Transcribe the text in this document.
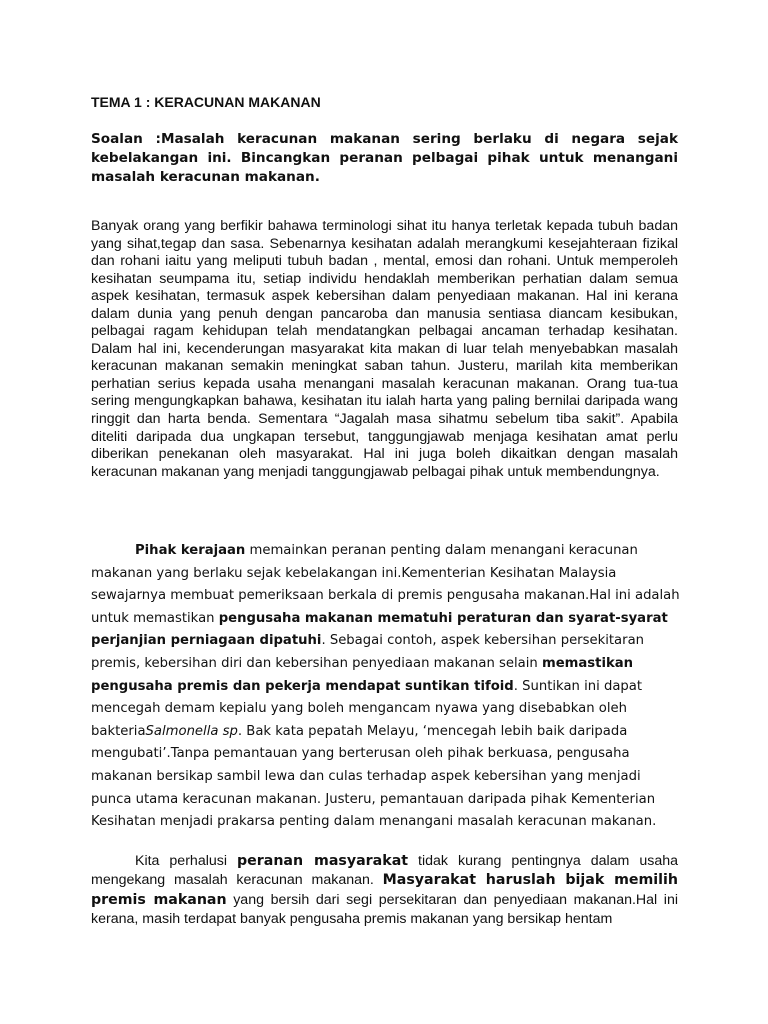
TEMA 1 : KERACUNAN MAKANAN
Soalan :Masalah keracunan makanan sering berlaku di negara sejak kebelakangan ini. Bincangkan peranan pelbagai pihak untuk menangani masalah keracunan makanan.
Banyak orang yang berfikir bahawa terminologi sihat itu hanya terletak kepada tubuh badan yang sihat,tegap dan sasa. Sebenarnya kesihatan adalah merangkumi kesejahteraan fizikal dan rohani iaitu yang meliputi tubuh badan , mental, emosi dan rohani. Untuk memperoleh kesihatan seumpama itu, setiap individu hendaklah memberikan perhatian dalam semua aspek kesihatan, termasuk aspek kebersihan dalam penyediaan makanan. Hal ini kerana dalam dunia yang penuh dengan pancaroba dan manusia sentiasa diancam kesibukan, pelbagai ragam kehidupan telah mendatangkan pelbagai ancaman terhadap kesihatan. Dalam hal ini, kecenderungan masyarakat kita makan di luar telah menyebabkan masalah keracunan makanan semakin meningkat saban tahun. Justeru, marilah kita memberikan perhatian serius kepada usaha menangani masalah keracunan makanan. Orang tua-tua sering mengungkapkan bahawa, kesihatan itu ialah harta yang paling bernilai daripada wang ringgit dan harta benda. Sementara “Jagalah masa sihatmu sebelum tiba sakit”. Apabila diteliti daripada dua ungkapan tersebut, tanggungjawab menjaga kesihatan amat perlu diberikan penekanan oleh masyarakat. Hal ini juga boleh dikaitkan dengan masalah keracunan makanan yang menjadi tanggungjawab pelbagai pihak untuk membendungnya.
Pihak kerajaan memainkan peranan penting dalam menangani keracunan makanan yang berlaku sejak kebelakangan ini.Kementerian Kesihatan Malaysia sewajarnya membuat pemeriksaan berkala di premis pengusaha makanan.Hal ini adalah untuk memastikan pengusaha makanan mematuhi peraturan dan syarat-syarat perjanjian perniagaan dipatuhi. Sebagai contoh, aspek kebersihan persekitaran premis, kebersihan diri dan kebersihan penyediaan makanan selain memastikan pengusaha premis dan pekerja mendapat suntikan tifoid. Suntikan ini dapat mencegah demam kepialu yang boleh mengancam nyawa yang disebabkan oleh bakteriaSalmonella sp. Bak kata pepatah Melayu, ‘mencegah lebih baik daripada mengubati’.Tanpa pemantauan yang berterusan oleh pihak berkuasa, pengusaha makanan bersikap sambil lewa dan culas terhadap aspek kebersihan yang menjadi punca utama keracunan makanan. Justeru, pemantauan daripada pihak Kementerian Kesihatan menjadi prakarsa penting dalam menangani masalah keracunan makanan.
Kita perhalusi peranan masyarakat tidak kurang pentingnya dalam usaha mengekang masalah keracunan makanan. Masyarakat haruslah bijak memilih premis makanan yang bersih dari segi persekitaran dan penyediaan makanan.Hal ini kerana, masih terdapat banyak pengusaha premis makanan yang bersikap hentam
